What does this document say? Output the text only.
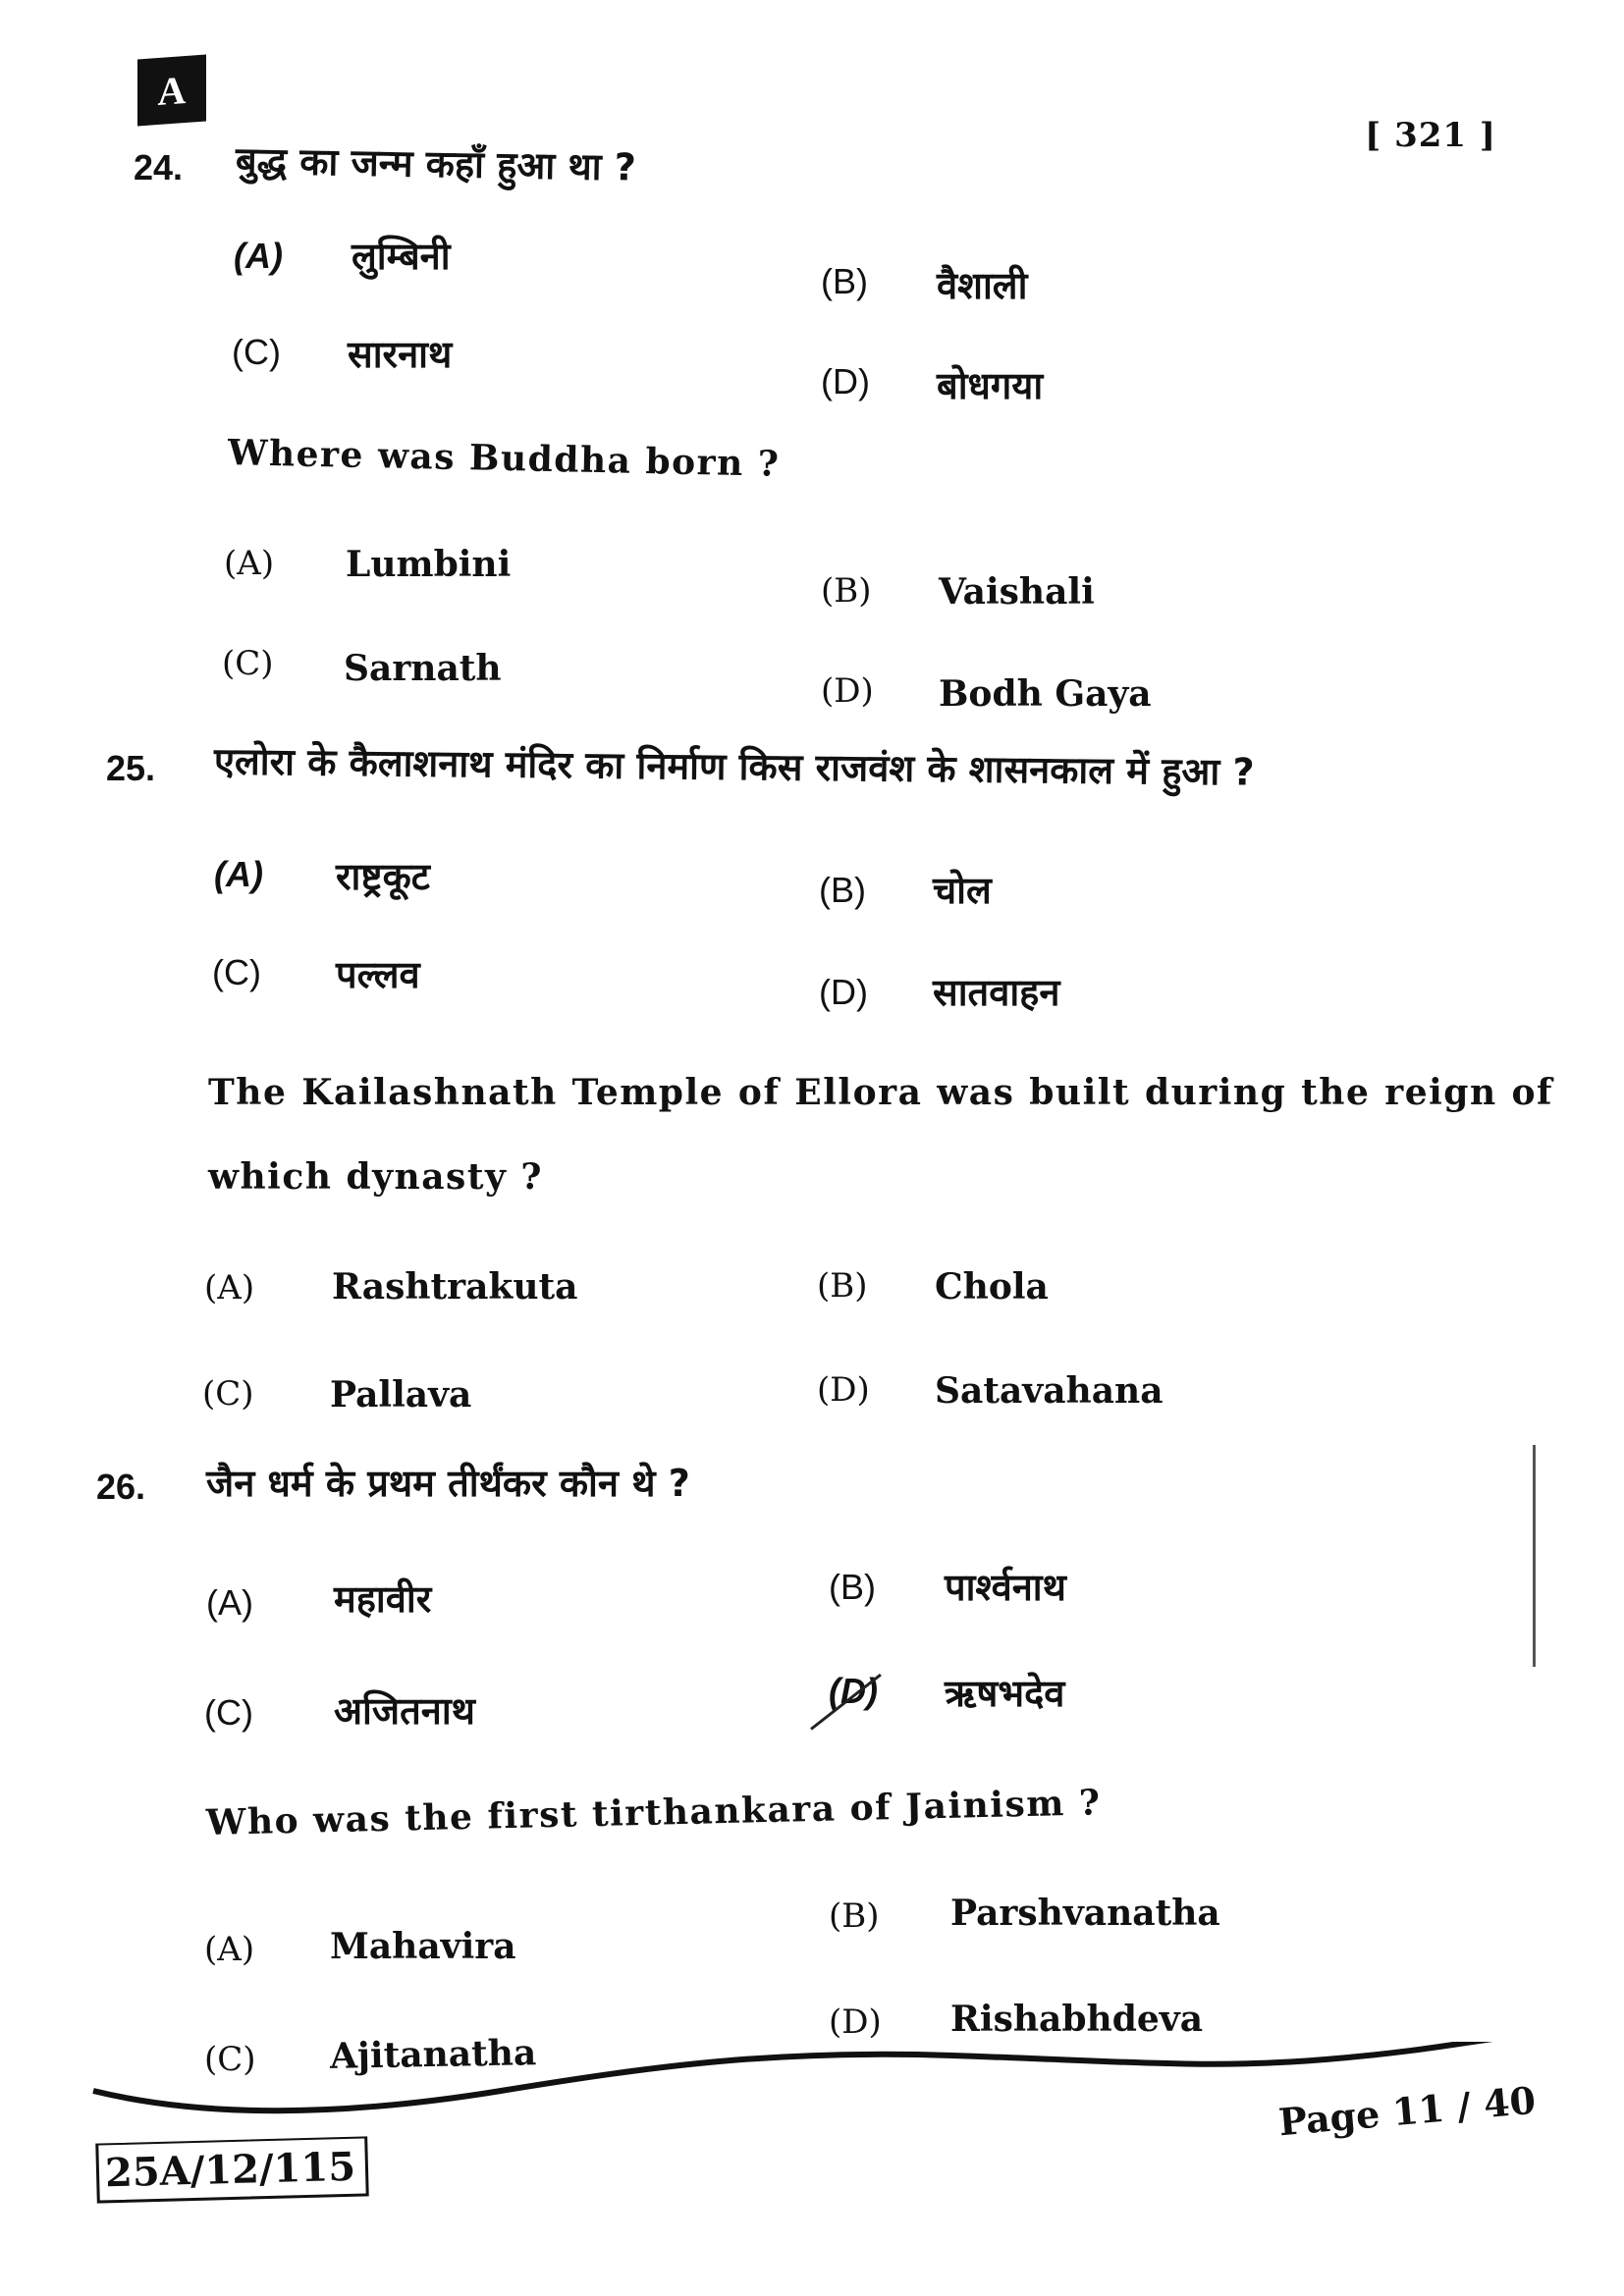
A
[ 321 ]
24. बुद्ध का जन्म कहाँ हुआ था ?
(A) लुम्बिनी
(B) वैशाली
(C) सारनाथ
(D) बोधगया
Where was Buddha born ?
(A) Lumbini
(B) Vaishali
(C) Sarnath
(D) Bodh Gaya
25. एलोरा के कैलाशनाथ मंदिर का निर्माण किस राजवंश के शासनकाल में हुआ ?
(A) राष्ट्रकूट	(B) चोल
(C) पल्लव	(D) सातवाहन
The Kailashnath Temple of Ellora was built during the reign of
which dynasty ?
(A) Rashtrakuta	(B) Chola
(C) Pallava	(D) Satavahana
26. जैन धर्म के प्रथम तीर्थंकर कौन थे ?
(A) महावीर	(B) पार्श्वनाथ
(C) अजितनाथ	(D) ऋषभदेव
Who was the first tirthankara of Jainism ?
(A) Mahavira
(B) Parshvanatha
(C) Ajitanatha
(D) Rishabhdeva
25A/12/115
Page 11 / 40
